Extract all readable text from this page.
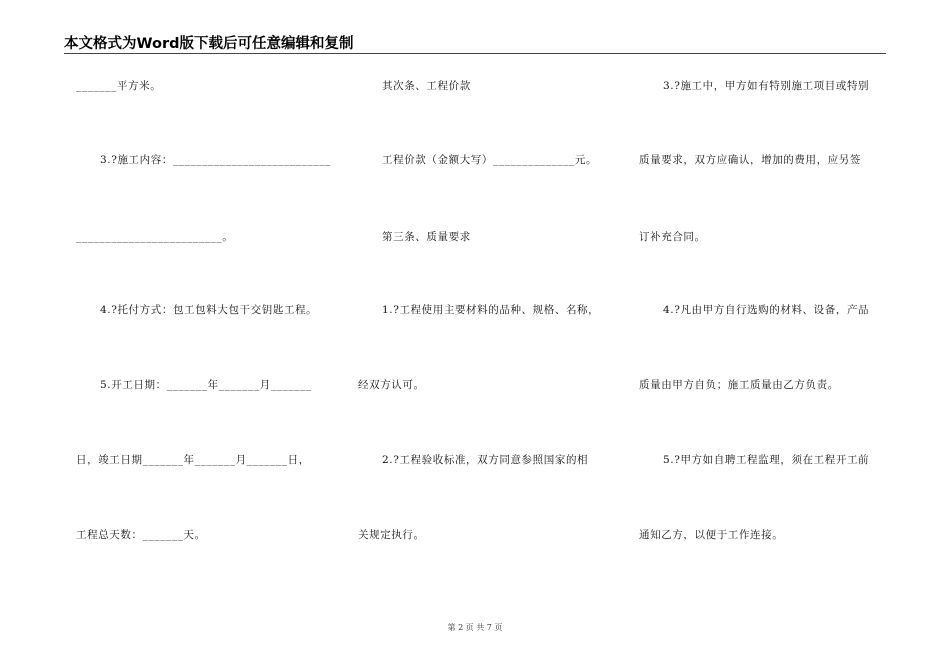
本文格式为Word版下载后可任意编辑和复制
_______平方米。
3.?施工内容：___________________________
_________________________。
4.?托付方式：包工包料大包干交钥匙工程。
5.开工日期：_______年_______月_______
日，竣工日期_______年_______月_______日，
工程总天数：_______天。
其次条、工程价款
工程价款（金额大写）______________元。
第三条、质量要求
1.?工程使用主要材料的品种、规格、名称，
经双方认可。
2.?工程验收标准，双方同意参照国家的相
关规定执行。
3.?施工中，甲方如有特别施工项目或特别
质量要求，双方应确认，增加的费用，应另签
订补充合同。
4.?凡由甲方自行选购的材料、设备，产品
质量由甲方自负；施工质量由乙方负责。
5.?甲方如自聘工程监理，须在工程开工前
通知乙方，以便于工作连接。
第 2 页 共 7 页
